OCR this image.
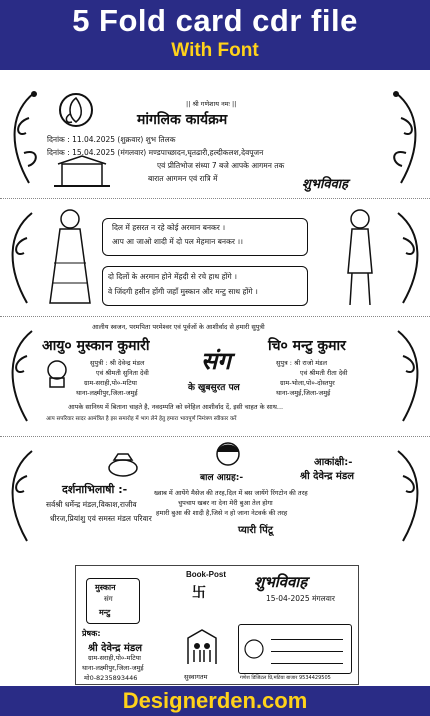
5 Fold card cdr file
With Font
|| श्री गणेशाय नमः ||
मांगलिक कार्यक्रम
दिनांक : 11.04.2025 (शुक्रवार) शुभ तिलक
दिनांक : 15.04.2025 (मंगलवार) मण्डपाच्छादन,घृतढारी,हल्दीकलश,देवपूजन
एवं प्रीतिभोज संध्या 7 बजे आपके आगमन तक
बारात आगमन एवं रात्रि में	शुभविवाह
दिल में हसरत न रहे कोई अरमान बनकर ।
आप आ जाओ शादी में दो पल मेहमान बनकर ।।
दो दिलों के अरमान होने मेंहदी से रचे हाथ होंगे ।
वे जिंदगी हसीन होंगी जहाँ मुस्कान और मन्टु साथ होंगे ।
आलीय स्वजन, परमपिता परमेश्वर एवं पूर्वजों के आशीर्वाद से हमारी सुपुत्री
आयु० मुस्कान कुमारी	चि० मन्टु कुमार
संग
के खुबसुरत पल
सुपुत्री : श्री देवेन्द्र मंडल
एवं श्रीमती सुनिता देवी
ग्राम-सराही,पो०-मटिया
थाना-लक्ष्मीपुर,जिला-जमुई
सुपुत्र : श्री राजो मंडल
एवं श्रीमती रीता देवी
ग्राम-भोला,पो०-दोस्तपुर
थाना-जमुई,जिला-जमुई
आपके सानिध्य में बिताना चाहते है, नवदम्पति को स्नेहिल आशीर्वाद दें, इसी चाहत के साथ...
आप सपरिवार सादर आमंत्रित है इस समारोह में भाग लेने हेतु हमारा भावपूर्ण निमंत्रण स्वीकार करें
दर्शनाभिलाषी :-
सर्वश्री धर्मेन्द्र मंडल,विकाश,राजीव
धीरज,प्रियांशु एवं समस्त मंडल परिवार
बाल आग्रह:-
ख्वाब में आयेंगे मैसेज की तरह,दिल में बस जायेंगे रिंगटोन की तरह
चुपचाप खबर ना देना मेरी बुआ तेल होगा
हमारी बुआ की शादी है,जिसे न हो जाना नेटवर्क की तरह
प्यारी पिंटू
आकांक्षी:-
श्री देवेन्द्र मंडल
मुस्कान
संग
मन्टु
Book-Post
卐
शुभविवाह
15-04-2025 मंगलवार
प्रेषक:
श्री देवेन्द्र मंडल
ग्राम-सराही,पो०-मटिया
थाना-लक्ष्मीपुर,जिला-जमुई
मो0-8235893446	सुस्वागतम	गणेश डिजिटल प्रिं,मटिया बाजार 9534429505
Designerden.com
